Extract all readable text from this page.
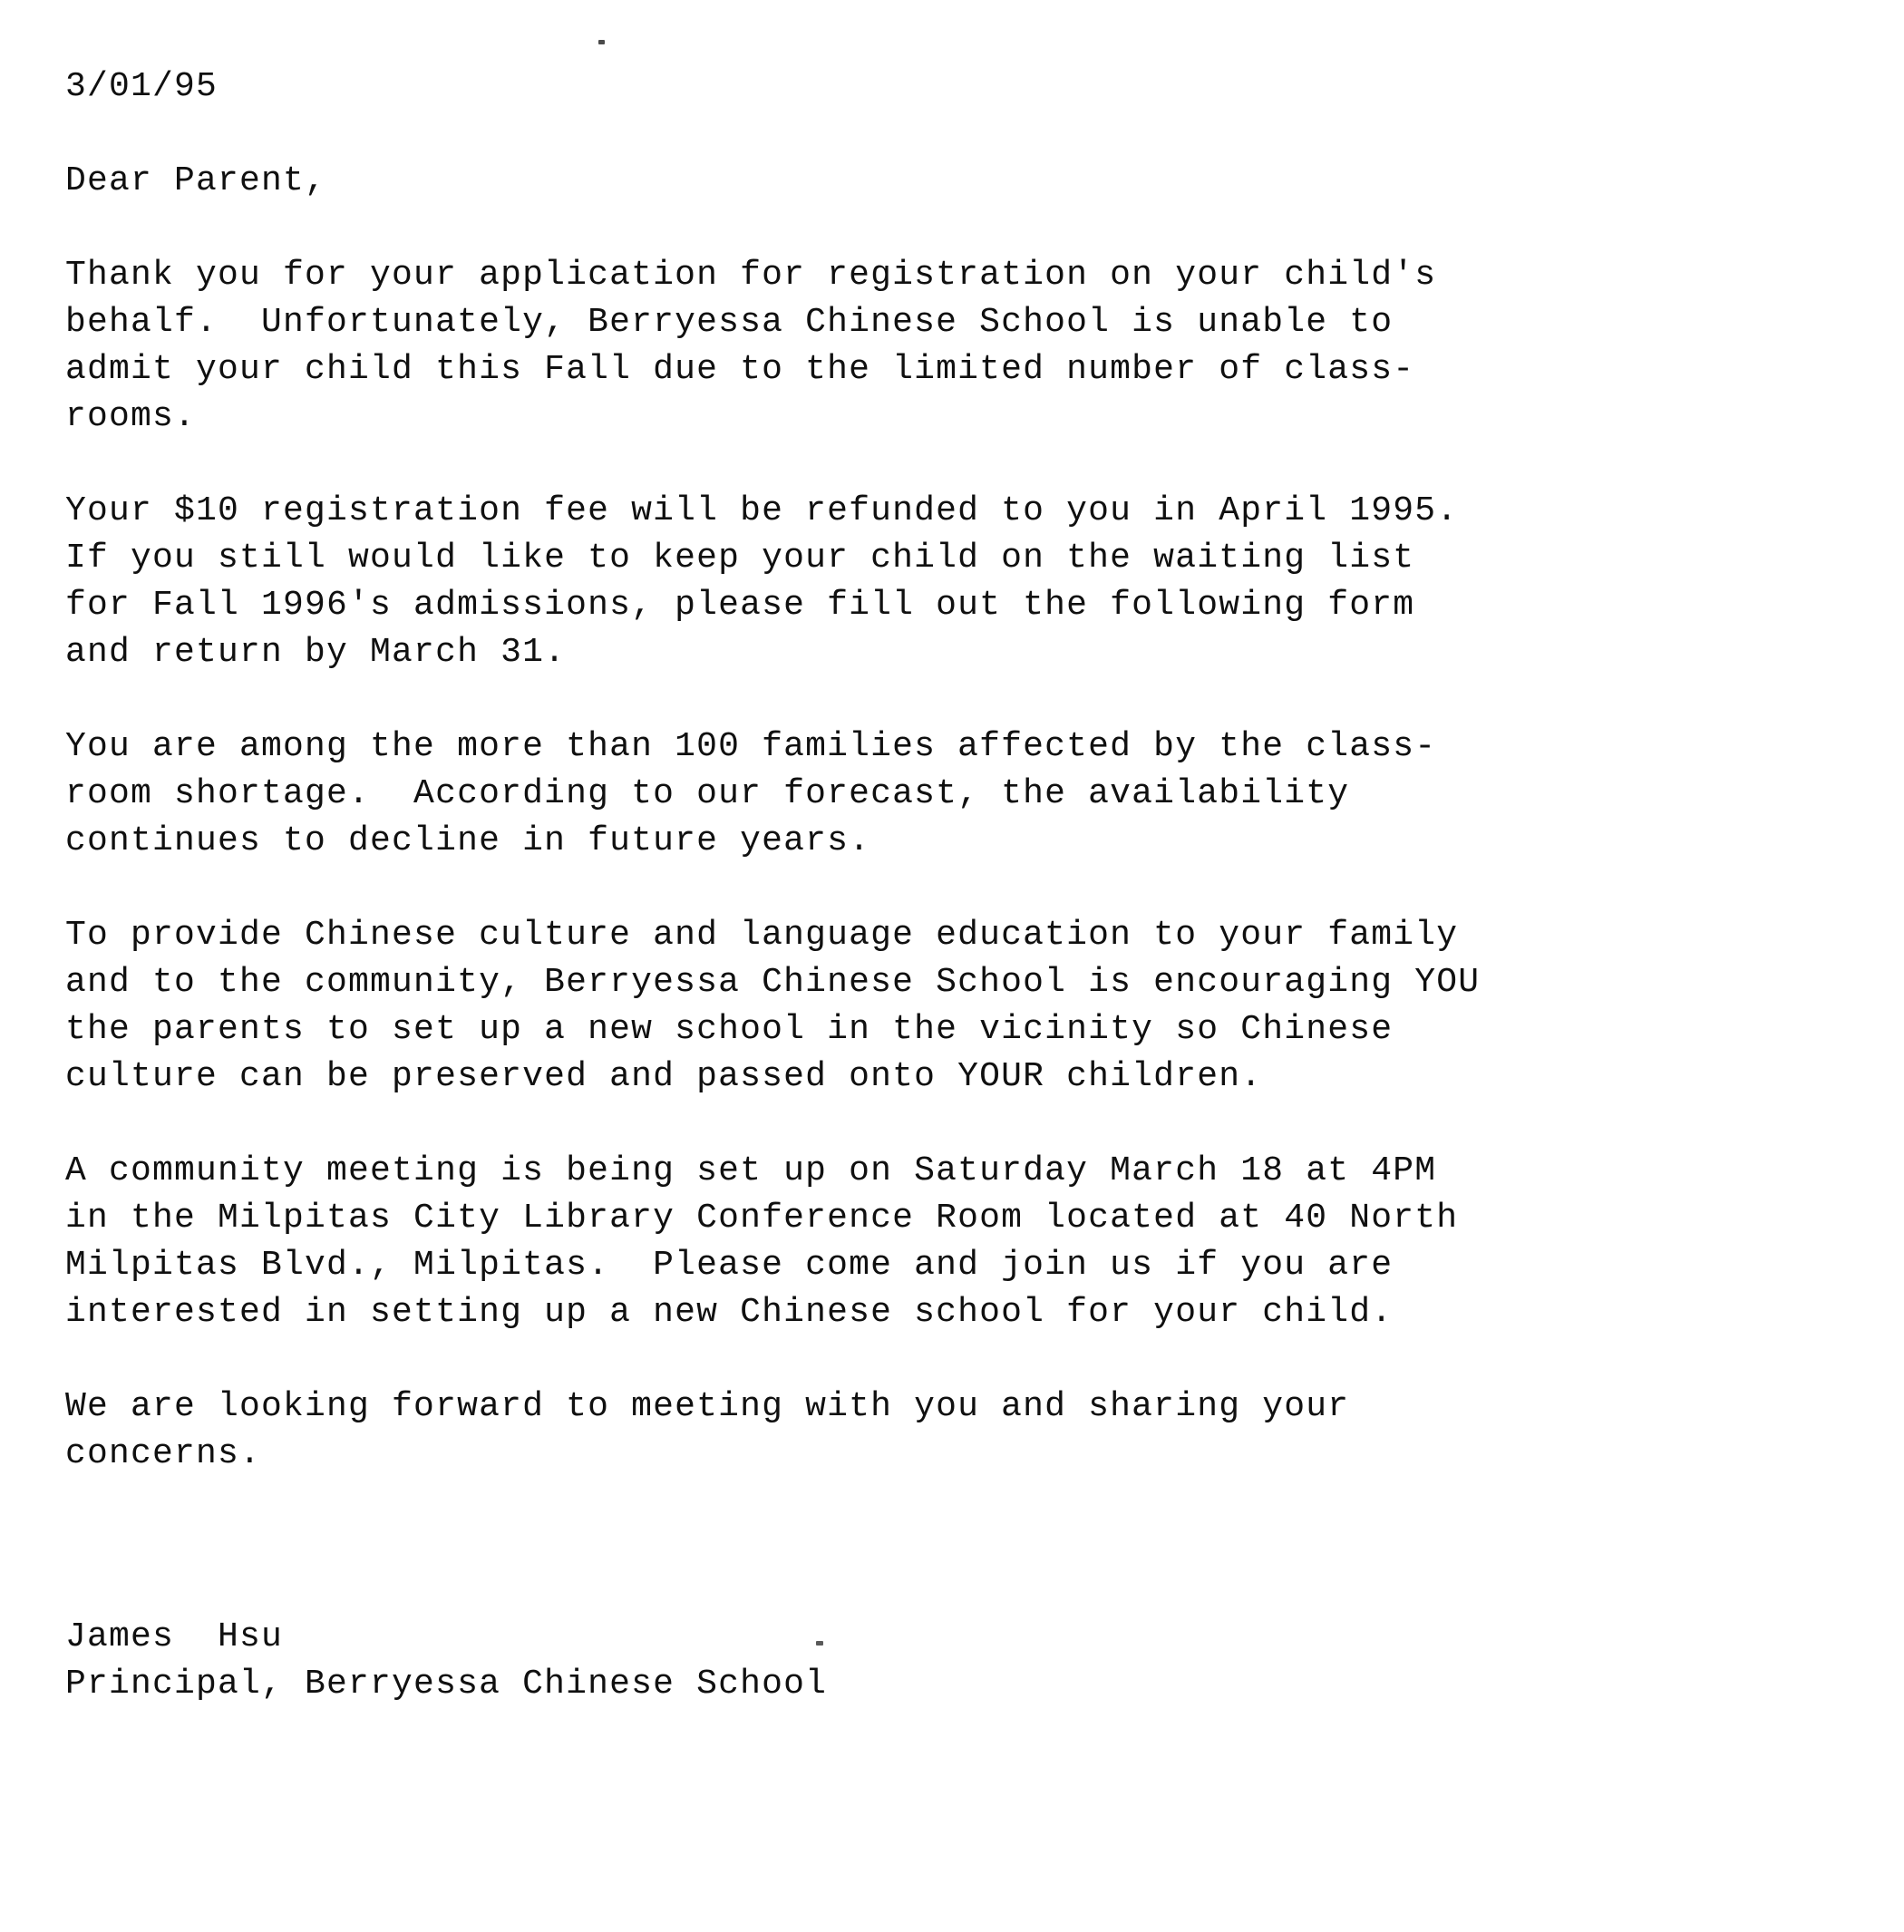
3/01/95
Dear Parent,
Thank you for your application for registration on your child's
behalf.  Unfortunately, Berryessa Chinese School is unable to
admit your child this Fall due to the limited number of class-
rooms.
Your $10 registration fee will be refunded to you in April 1995.
If you still would like to keep your child on the waiting list
for Fall 1996's admissions, please fill out the following form
and return by March 31.
You are among the more than 100 families affected by the class-
room shortage.  According to our forecast, the availability
continues to decline in future years.
To provide Chinese culture and language education to your family
and to the community, Berryessa Chinese School is encouraging YOU
the parents to set up a new school in the vicinity so Chinese
culture can be preserved and passed onto YOUR children.
A community meeting is being set up on Saturday March 18 at 4PM
in the Milpitas City Library Conference Room located at 40 North
Milpitas Blvd., Milpitas.  Please come and join us if you are
interested in setting up a new Chinese school for your child.
We are looking forward to meeting with you and sharing your
concerns.
James  Hsu
Principal, Berryessa Chinese School
